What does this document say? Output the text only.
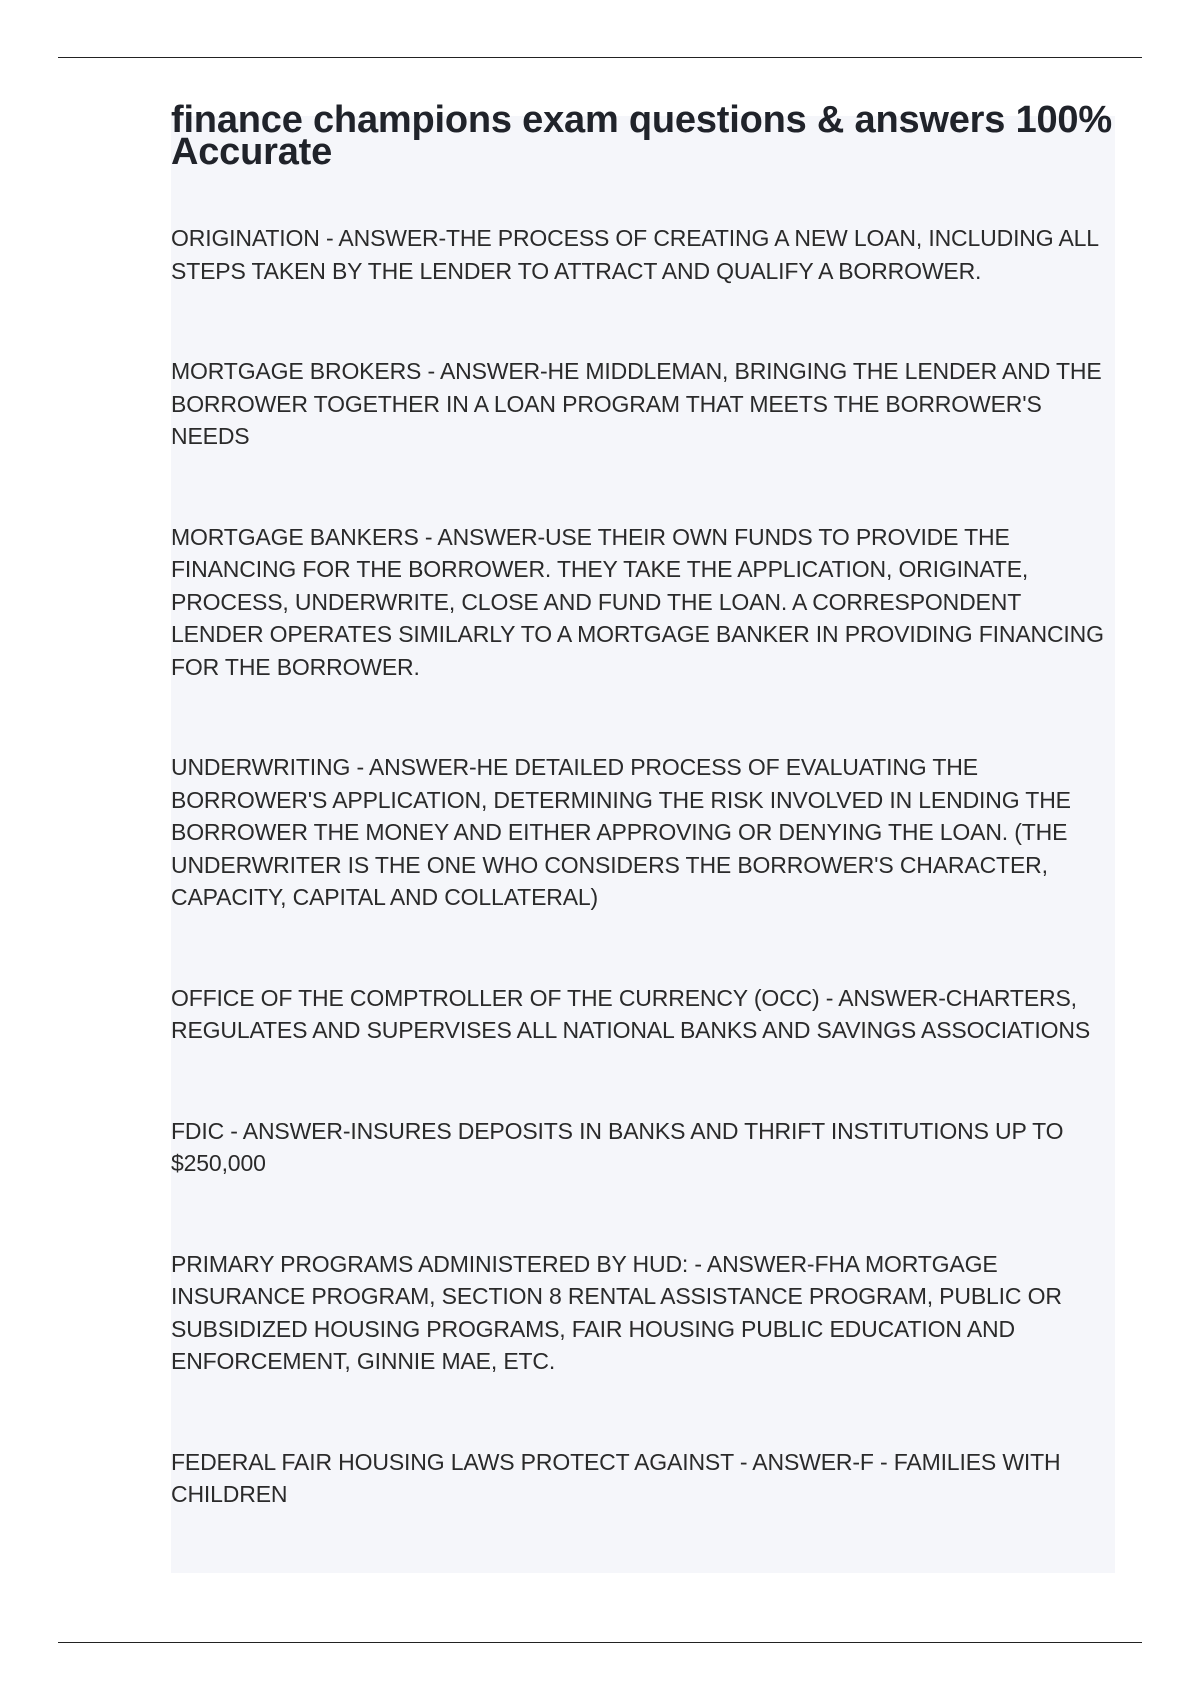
finance champions exam questions & answers 100% Accurate
ORIGINATION - ANSWER-THE PROCESS OF CREATING A NEW LOAN, INCLUDING ALL STEPS TAKEN BY THE LENDER TO ATTRACT AND QUALIFY A BORROWER.
MORTGAGE BROKERS - ANSWER-HE MIDDLEMAN, BRINGING THE LENDER AND THE BORROWER TOGETHER IN A LOAN PROGRAM THAT MEETS THE BORROWER'S NEEDS
MORTGAGE BANKERS - ANSWER-USE THEIR OWN FUNDS TO PROVIDE THE FINANCING FOR THE BORROWER. THEY TAKE THE APPLICATION, ORIGINATE, PROCESS, UNDERWRITE, CLOSE AND FUND THE LOAN. A CORRESPONDENT LENDER OPERATES SIMILARLY TO A MORTGAGE BANKER IN PROVIDING FINANCING FOR THE BORROWER.
UNDERWRITING - ANSWER-HE DETAILED PROCESS OF EVALUATING THE BORROWER'S APPLICATION, DETERMINING THE RISK INVOLVED IN LENDING THE BORROWER THE MONEY AND EITHER APPROVING OR DENYING THE LOAN. (THE UNDERWRITER IS THE ONE WHO CONSIDERS THE BORROWER'S CHARACTER, CAPACITY, CAPITAL AND COLLATERAL)
OFFICE OF THE COMPTROLLER OF THE CURRENCY (OCC) - ANSWER-CHARTERS, REGULATES AND SUPERVISES ALL NATIONAL BANKS AND SAVINGS ASSOCIATIONS
FDIC - ANSWER-INSURES DEPOSITS IN BANKS AND THRIFT INSTITUTIONS UP TO $250,000
PRIMARY PROGRAMS ADMINISTERED BY HUD: - ANSWER-FHA MORTGAGE INSURANCE PROGRAM, SECTION 8 RENTAL ASSISTANCE PROGRAM, PUBLIC OR SUBSIDIZED HOUSING PROGRAMS, FAIR HOUSING PUBLIC EDUCATION AND ENFORCEMENT, GINNIE MAE, ETC.
FEDERAL FAIR HOUSING LAWS PROTECT AGAINST - ANSWER-F - FAMILIES WITH CHILDREN
